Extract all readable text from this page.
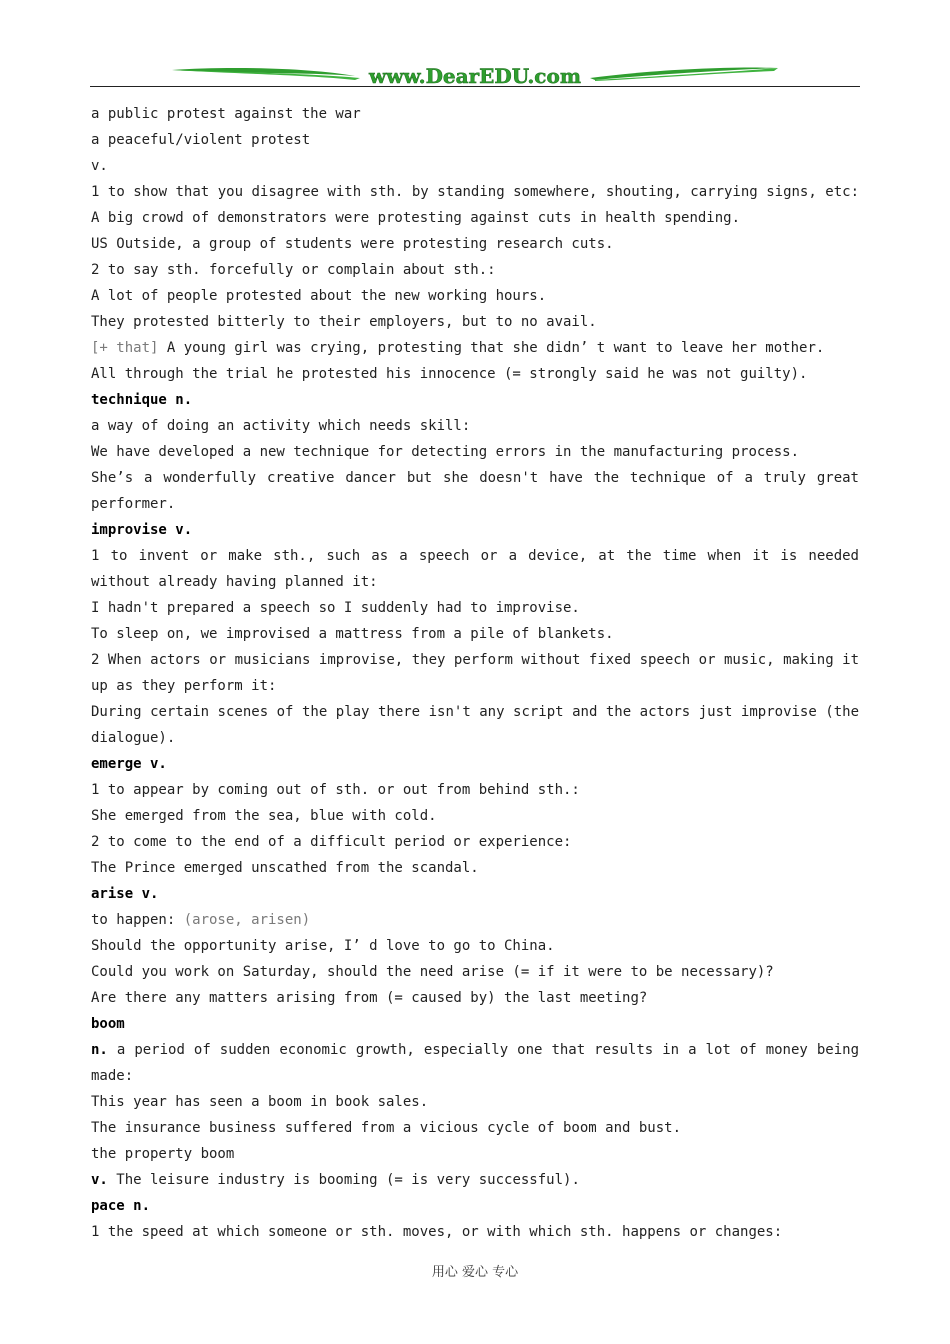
www.DearEDU.com
a public protest against the war
a peaceful/violent protest
v.
1 to show that you disagree with sth. by standing somewhere, shouting, carrying signs, etc:
A big crowd of demonstrators were protesting against cuts in health spending.
US Outside, a group of students were protesting research cuts.
2 to say sth. forcefully or complain about sth.:
A lot of people protested about the new working hours.
They protested bitterly to their employers, but to no avail.
[+ that] A young girl was crying, protesting that she didn’ t want to leave her mother.
All through the trial he protested his innocence (= strongly said he was not guilty).
technique n.
a way of doing an activity which needs skill:
We have developed a new technique for detecting errors in the manufacturing process.
She’s a wonderfully creative dancer but she doesn't have the technique of a truly great
performer.
improvise v.
1 to invent or make sth., such as a speech or a device, at the time when it is needed
without already having planned it:
I hadn't prepared a speech so I suddenly had to improvise.
To sleep on, we improvised a mattress from a pile of blankets.
2 When actors or musicians improvise, they perform without fixed speech or music, making it
up as they perform it:
During certain scenes of the play there isn't any script and the actors just improvise (the
dialogue).
emerge v.
1 to appear by coming out of sth. or out from behind sth.:
She emerged from the sea, blue with cold.
2 to come to the end of a difficult period or experience:
The Prince emerged unscathed from the scandal.
arise v.
to happen: (arose, arisen)
Should the opportunity arise, I’ d love to go to China.
Could you work on Saturday, should the need arise (= if it were to be necessary)?
Are there any matters arising from (= caused by) the last meeting?
boom
n. a period of sudden economic growth, especially one that results in a lot of money being
made:
This year has seen a boom in book sales.
The insurance business suffered from a vicious cycle of boom and bust.
the property boom
v. The leisure industry is booming (= is very successful).
pace n.
1 the speed at which someone or sth. moves, or with which sth. happens or changes:
用心 爱心 专心
